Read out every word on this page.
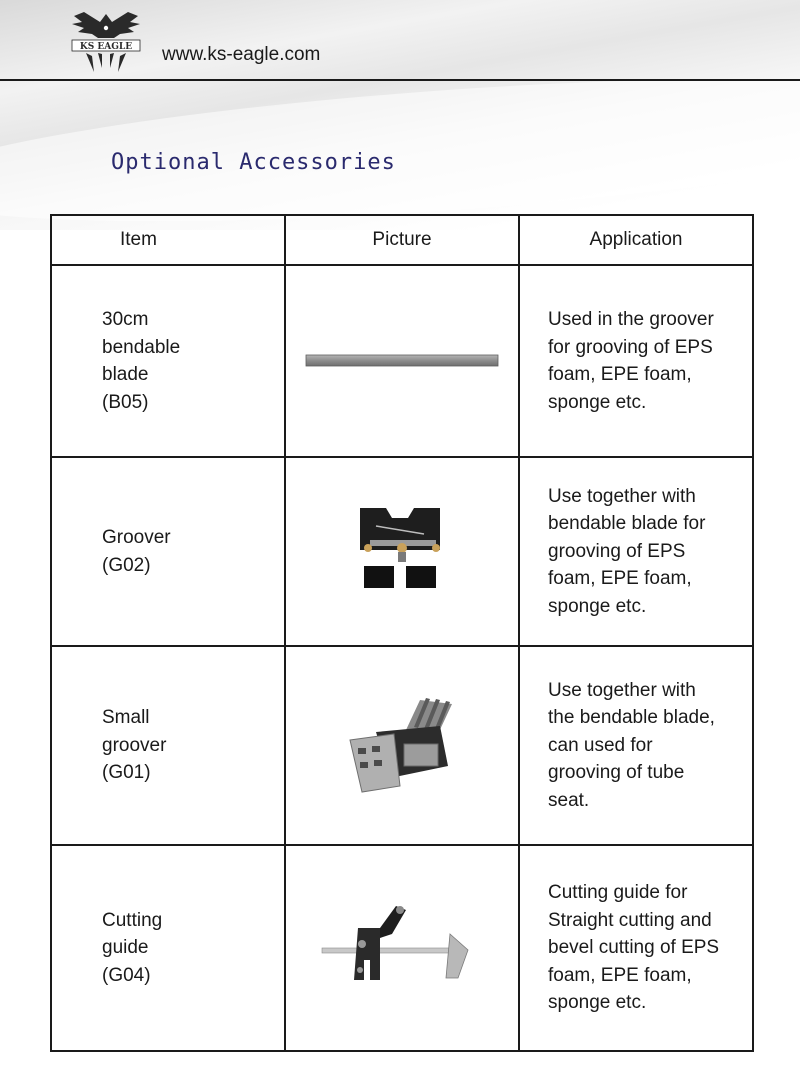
KS EAGLE www.ks-eagle.com
Optional Accessories
Item	Picture	Application
30cm
bendable
blade
(B05)		Used in the groover
for grooving of EPS
foam, EPE foam,
sponge etc.
Groover
(G02)		Use together with
bendable blade for
grooving of EPS
foam, EPE foam,
sponge etc.
Small
groover
(G01)		Use together with
the bendable blade,
can used for
grooving of tube
seat.
Cutting
guide
(G04)		Cutting guide for
Straight cutting and
bevel cutting of EPS
foam, EPE foam,
sponge etc.
